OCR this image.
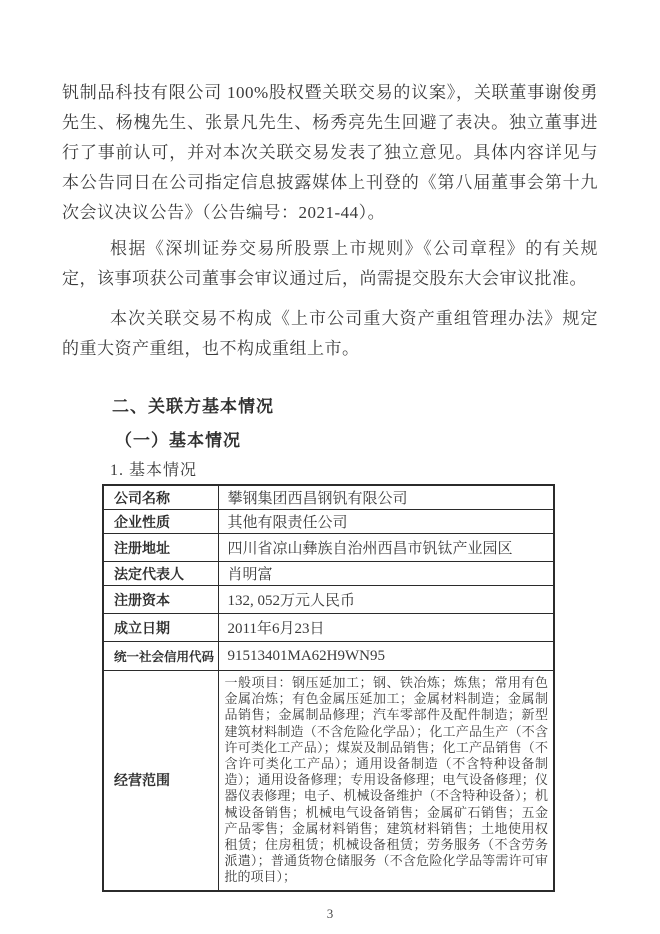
钒制品科技有限公司 100%股权暨关联交易的议案》，关联董事谢俊勇先生、杨槐先生、张景凡先生、杨秀亮先生回避了表决。独立董事进行了事前认可，并对本次关联交易发表了独立意见。具体内容详见与本公告同日在公司指定信息披露媒体上刊登的《第八届董事会第十九次会议决议公告》（公告编号：2021-44）。

根据《深圳证券交易所股票上市规则》《公司章程》的有关规定，该事项获公司董事会审议通过后，尚需提交股东大会审议批准。

本次关联交易不构成《上市公司重大资产重组管理办法》规定的重大资产重组，也不构成重组上市。

二、关联方基本情况
（一）基本情况
1. 基本情况
公司名称	攀钢集团西昌钢钒有限公司
企业性质	其他有限责任公司
注册地址	四川省凉山彝族自治州西昌市钒钛产业园区
法定代表人	肖明富
注册资本	132, 052万元人民币
成立日期	2011年6月23日
统一社会信用代码	91513401MA62H9WN95
经营范围	一般项目：钢压延加工；钢、铁冶炼；炼焦；常用有色金属冶炼；有色金属压延加工；金属材料制造；金属制品销售；金属制品修理；汽车零部件及配件制造；新型建筑材料制造（不含危险化学品）；化工产品生产（不含许可类化工产品）；煤炭及制品销售；化工产品销售（不含许可类化工产品）；通用设备制造（不含特种设备制造）；通用设备修理；专用设备修理；电气设备修理；仪器仪表修理；电子、机械设备维护（不含特种设备）；机械设备销售；机械电气设备销售；金属矿石销售；五金产品零售；金属材料销售；建筑材料销售；土地使用权租赁；住房租赁；机械设备租赁；劳务服务（不含劳务派遣）；普通货物仓储服务（不含危险化学品等需许可审批的项目）；
3
